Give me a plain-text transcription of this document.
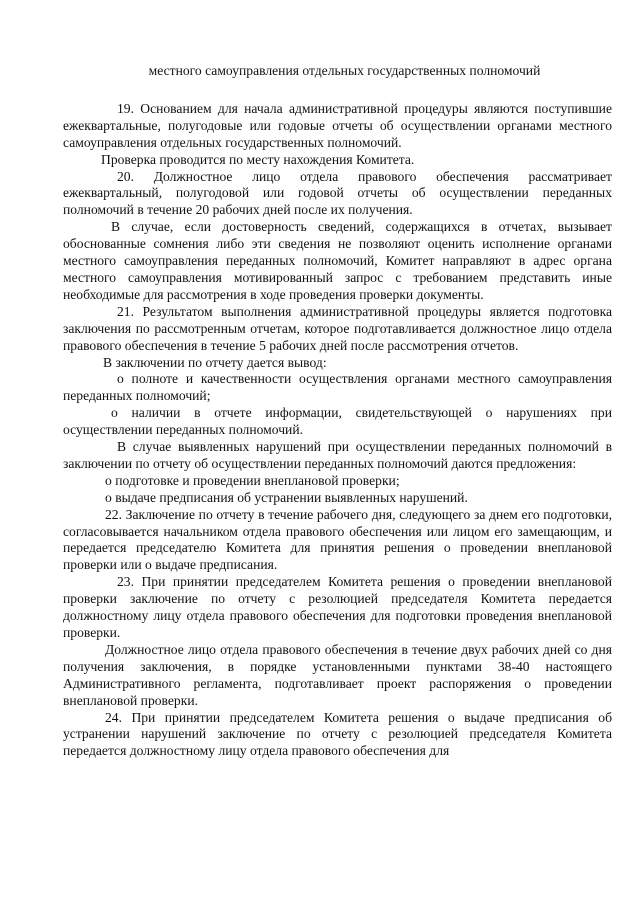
местного самоуправления отдельных государственных полномочий

19. Основанием для начала административной процедуры являются поступившие ежеквартальные, полугодовые или годовые отчеты об осуществлении органами местного самоуправления отдельных государственных полномочий.

Проверка проводится по месту нахождения Комитета.

20. Должностное лицо отдела правового обеспечения рассматривает ежеквартальный, полугодовой или годовой отчеты об осуществлении переданных полномочий в течение 20 рабочих дней после их получения.

В случае, если достоверность сведений, содержащихся в отчетах, вызывает обоснованные сомнения либо эти сведения не позволяют оценить исполнение органами местного самоуправления переданных полномочий, Комитет направляют в адрес органа местного самоуправления мотивированный запрос с требованием представить иные необходимые для рассмотрения в ходе проведения проверки документы.

21. Результатом выполнения административной процедуры является подготовка заключения по рассмотренным отчетам, которое подготавливается должностное лицо отдела правового обеспечения в течение 5 рабочих дней после рассмотрения отчетов.

В заключении по отчету дается вывод:

о полноте и качественности осуществления органами местного самоуправления переданных полномочий;

о наличии в отчете информации, свидетельствующей о нарушениях при осуществлении переданных полномочий.

В случае выявленных нарушений при осуществлении переданных полномочий в заключении по отчету об осуществлении переданных полномочий даются предложения:

о подготовке и проведении внеплановой проверки;

о выдаче предписания об устранении выявленных нарушений.

22. Заключение по отчету в течение рабочего дня, следующего за днем его подготовки, согласовывается начальником отдела правового обеспечения или лицом его замещающим, и передается председателю Комитета для принятия решения о проведении внеплановой проверки или о выдаче предписания.

23. При принятии председателем Комитета решения о проведении внеплановой проверки заключение по отчету с резолюцией председателя Комитета передается должностному лицу отдела правового обеспечения для подготовки проведения внеплановой проверки.

Должностное лицо отдела правового обеспечения в течение двух рабочих дней со дня получения заключения, в порядке установленными пунктами 38-40 настоящего Административного регламента, подготавливает проект распоряжения о проведении внеплановой проверки.

24. При принятии председателем Комитета решения о выдаче предписания об устранении нарушений заключение по отчету с резолюцией председателя Комитета передается должностному лицу отдела правового обеспечения для
